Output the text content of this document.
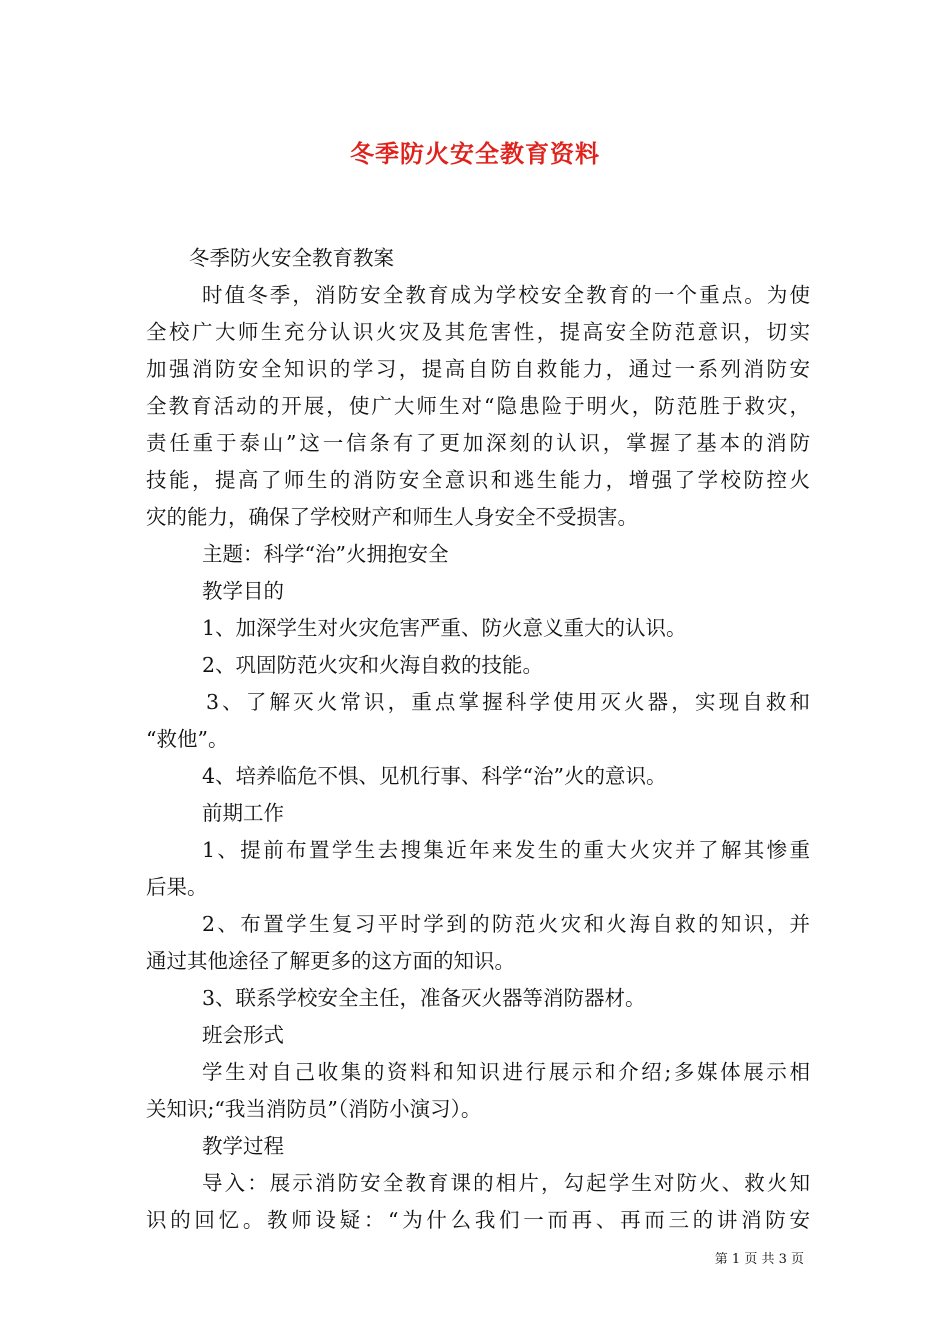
冬季防火安全教育资料
冬季防火安全教育教案
时值冬季，消防安全教育成为学校安全教育的一个重点。为使
全校广大师生充分认识火灾及其危害性，提高安全防范意识，切实
加强消防安全知识的学习，提高自防自救能力，通过一系列消防安
全教育活动的开展，使广大师生对“隐患险于明火，防范胜于救灾，
责任重于泰山”这一信条有了更加深刻的认识，掌握了基本的消防
技能，提高了师生的消防安全意识和逃生能力，增强了学校防控火
灾的能力，确保了学校财产和师生人身安全不受损害。
主题：科学“治”火拥抱安全
教学目的
1、加深学生对火灾危害严重、防火意义重大的认识。
2、巩固防范火灾和火海自救的技能。
3、了解灭火常识，重点掌握科学使用灭火器，实现自救和
“救他”。
4、培养临危不惧、见机行事、科学“治”火的意识。
前期工作
1、提前布置学生去搜集近年来发生的重大火灾并了解其惨重
后果。
2、布置学生复习平时学到的防范火灾和火海自救的知识，并
通过其他途径了解更多的这方面的知识。
3、联系学校安全主任，准备灭火器等消防器材。
班会形式
学生对自己收集的资料和知识进行展示和介绍;多媒体展示相
关知识;“我当消防员”（消防小演习）。
教学过程
导入：展示消防安全教育课的相片，勾起学生对防火、救火知
识的回忆。教师设疑：“为什么我们一而再、再而三的讲消防安
第 1 页 共 3 页
